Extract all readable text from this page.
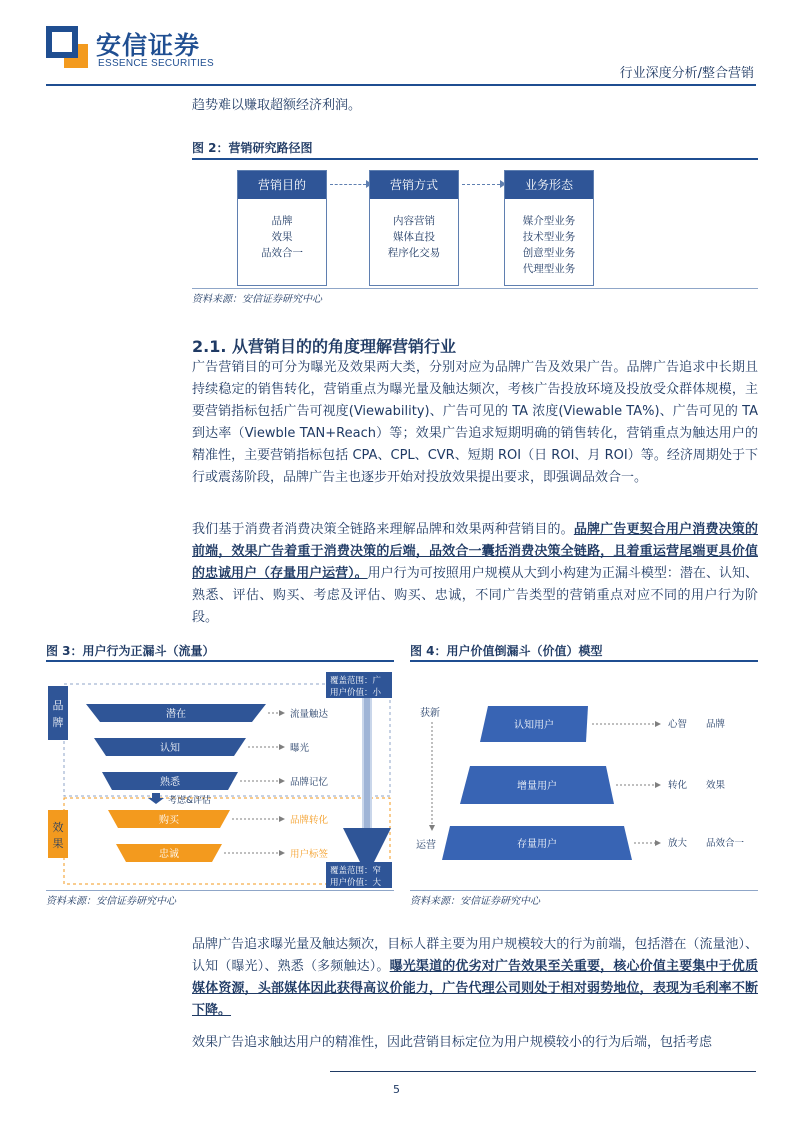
安信证券
ESSENCE SECURITIES
行业深度分析/整合营销
趋势难以赚取超额经济利润。
图 2：营销研究路径图
营销目的
品牌
效果
品效合一
营销方式
内容营销
媒体直投
程序化交易
业务形态
媒介型业务
技术型业务
创意型业务
代理型业务
资料来源：安信证券研究中心
2.1. 从营销目的的角度理解营销行业
广告营销目的可分为曝光及效果两大类，分别对应为品牌广告及效果广告。品牌广告追求中长期且持续稳定的销售转化，营销重点为曝光量及触达频次，考核广告投放环境及投放受众群体规模，主要营销指标包括广告可视度(Viewability)、广告可见的 TA 浓度(Viewable TA%)、广告可见的 TA 到达率（Viewble TAN+Reach）等；效果广告追求短期明确的销售转化，营销重点为触达用户的精准性，主要营销指标包括 CPA、CPL、CVR、短期 ROI（日 ROI、月 ROI）等。经济周期处于下行或震荡阶段，品牌广告主也逐步开始对投放效果提出要求，即强调品效合一。
我们基于消费者消费决策全链路来理解品牌和效果两种营销目的。品牌广告更契合用户消费决策的前端，效果广告着重于消费决策的后端，品效合一囊括消费决策全链路，且着重运营尾端更具价值的忠诚用户（存量用户运营）。用户行为可按照用户规模从大到小构建为正漏斗模型：潜在、认知、熟悉、评估、购买、考虑及评估、购买、忠诚，不同广告类型的营销重点对应不同的用户行为阶段。
图 3：用户行为正漏斗（流量）
品
牌
效
果
潜在
认知
熟悉
购买
忠诚
流量触达
曝光
品牌记忆
品牌转化
用户标签
考虑&评估
覆盖范围：广
用户价值：小
覆盖范围：窄
用户价值：大
资料来源：安信证券研究中心
图 4：用户价值倒漏斗（价值）模型
获新
运营
认知用户
增量用户
存量用户
心智
转化
放大
品牌
效果
品效合一
资料来源：安信证券研究中心
品牌广告追求曝光量及触达频次，目标人群主要为用户规模较大的行为前端，包括潜在（流量池）、认知（曝光）、熟悉（多频触达）。曝光渠道的优劣对广告效果至关重要，核心价值主要集中于优质媒体资源，头部媒体因此获得高议价能力，广告代理公司则处于相对弱势地位，表现为毛利率不断下降。
效果广告追求触达用户的精准性，因此营销目标定位为用户规模较小的行为后端，包括考虑
5
